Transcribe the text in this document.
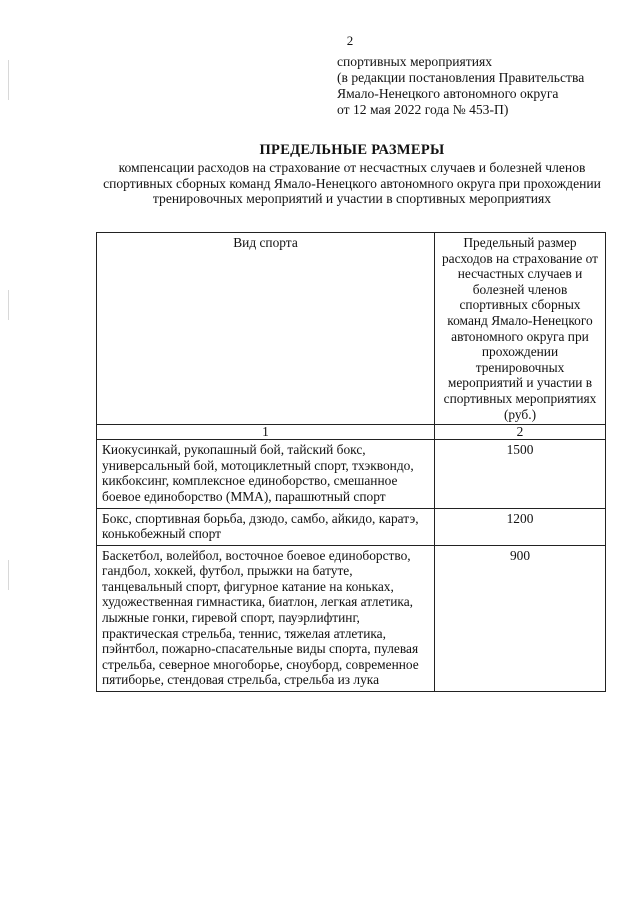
2
спортивных мероприятиях
(в редакции постановления Правительства
Ямало-Ненецкого автономного округа
от 12 мая 2022 года № 453-П)
ПРЕДЕЛЬНЫЕ РАЗМЕРЫ
компенсации расходов на страхование от несчастных случаев и болезней членов спортивных сборных команд Ямало-Ненецкого автономного округа при прохождении тренировочных мероприятий и участии в спортивных мероприятиях
Вид спорта	Предельный размер расходов на страхование от несчастных случаев и болезней членов спортивных сборных команд Ямало-Ненецкого автономного округа при прохождении тренировочных мероприятий и участии в спортивных мероприятиях (руб.)
1	2
Киокусинкай, рукопашный бой, тайский бокс, универсальный бой, мотоциклетный спорт, тхэквондо, кикбоксинг, комплексное единоборство, смешанное боевое единоборство (ММА), парашютный спорт	1500
Бокс, спортивная борьба, дзюдо, самбо, айкидо, каратэ, конькобежный спорт	1200
Баскетбол, волейбол, восточное боевое единоборство, гандбол, хоккей, футбол, прыжки на батуте, танцевальный спорт, фигурное катание на коньках, художественная гимнастика, биатлон, легкая атлетика, лыжные гонки, гиревой спорт, пауэрлифтинг, практическая стрельба, теннис, тяжелая атлетика, пэйнтбол, пожарно-спасательные виды спорта, пулевая стрельба, северное многоборье, сноуборд, современное пятиборье, стендовая стрельба, стрельба из лука	900
